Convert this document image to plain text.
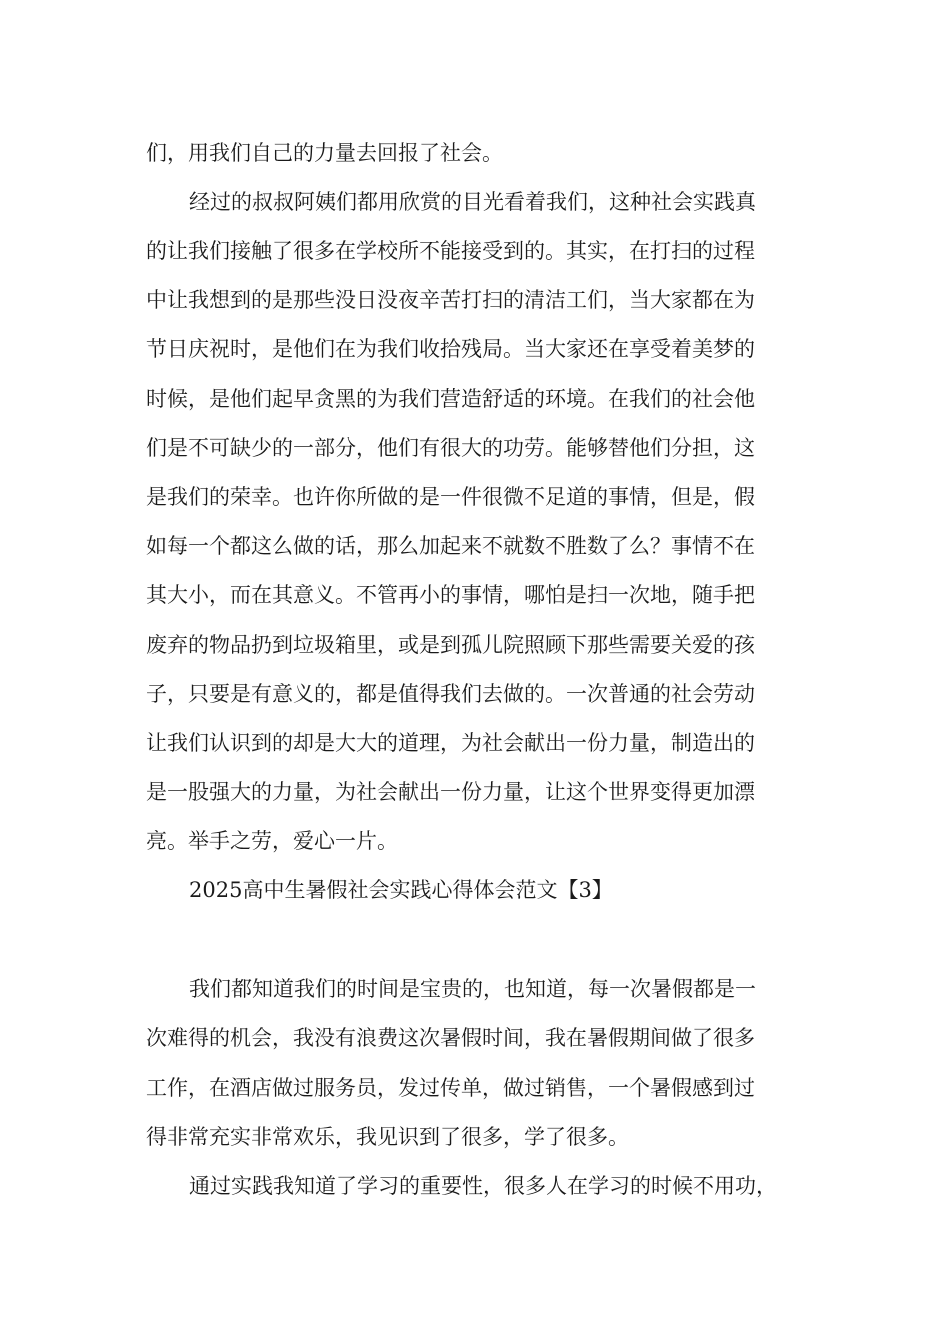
们，用我们自己的力量去回报了社会。
经过的叔叔阿姨们都用欣赏的目光看着我们，这种社会实践真
的让我们接触了很多在学校所不能接受到的。其实，在打扫的过程
中让我想到的是那些没日没夜辛苦打扫的清洁工们，当大家都在为
节日庆祝时，是他们在为我们收拾残局。当大家还在享受着美梦的
时候，是他们起早贪黑的为我们营造舒适的环境。在我们的社会他
们是不可缺少的一部分，他们有很大的功劳。能够替他们分担，这
是我们的荣幸。也许你所做的是一件很微不足道的事情，但是，假
如每一个都这么做的话，那么加起来不就数不胜数了么？事情不在
其大小，而在其意义。不管再小的事情，哪怕是扫一次地，随手把
废弃的物品扔到垃圾箱里，或是到孤儿院照顾下那些需要关爱的孩
子，只要是有意义的，都是值得我们去做的。一次普通的社会劳动
让我们认识到的却是大大的道理，为社会献出一份力量，制造出的
是一股强大的力量，为社会献出一份力量，让这个世界变得更加漂
亮。举手之劳，爱心一片。
2025高中生暑假社会实践心得体会范文【3】
我们都知道我们的时间是宝贵的，也知道，每一次暑假都是一
次难得的机会，我没有浪费这次暑假时间，我在暑假期间做了很多
工作，在酒店做过服务员，发过传单，做过销售，一个暑假感到过
得非常充实非常欢乐，我见识到了很多，学了很多。
通过实践我知道了学习的重要性，很多人在学习的时候不用功，
